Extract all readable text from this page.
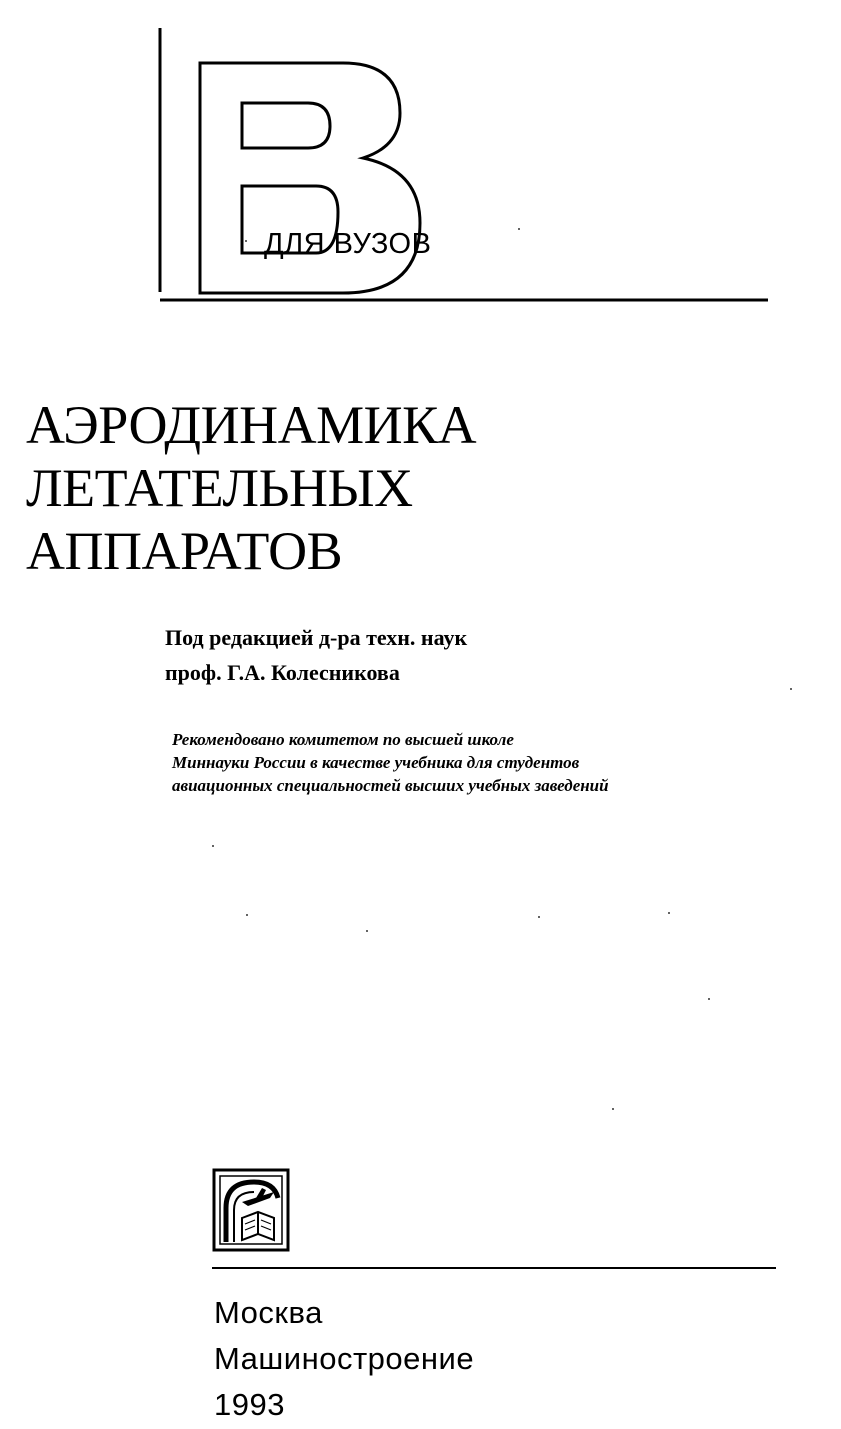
ДЛЯ ВУЗОВ
АЭРОДИНАМИКА
ЛЕТАТЕЛЬНЫХ
АППАРАТОВ
Под редакцией д-ра техн. наук
проф. Г.А. Колесникова
Рекомендовано комитетом по высшей школе
Миннауки России в качестве учебника для студентов
авиационных специальностей высших учебных заведений
Москва
Машиностроение
1993
